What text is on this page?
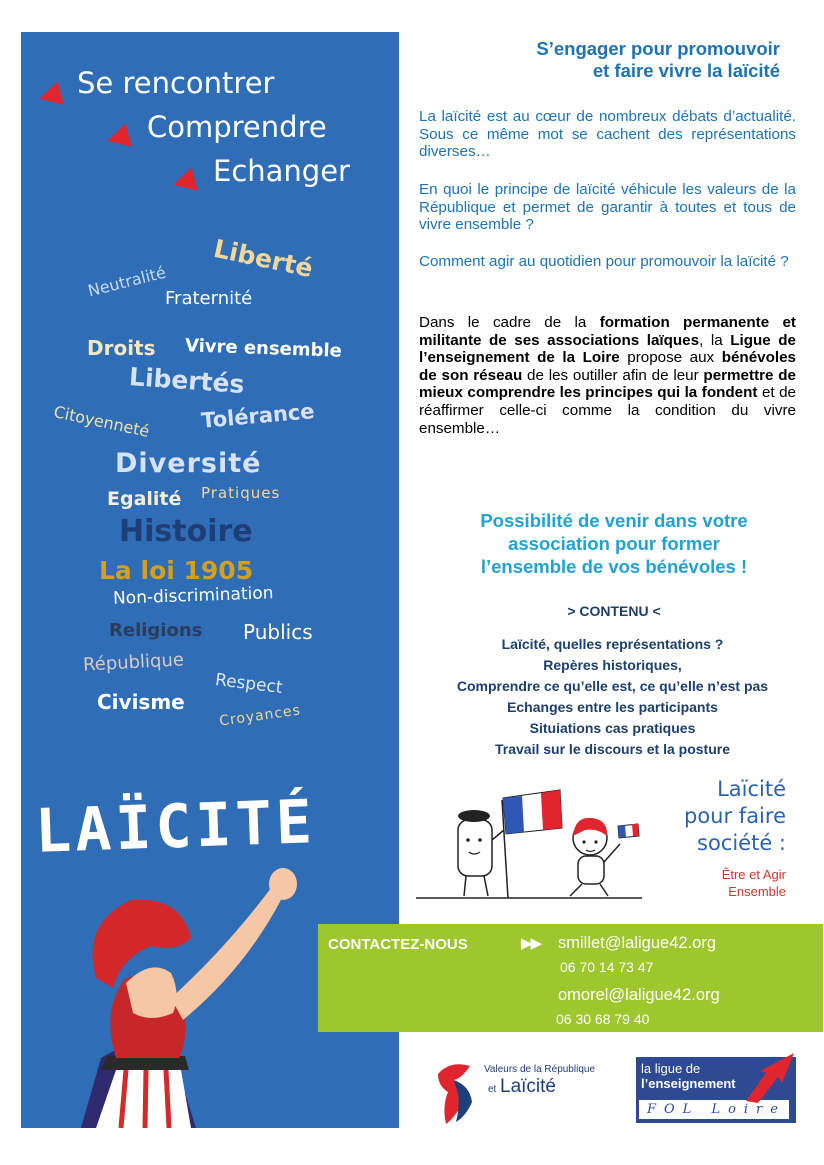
Se rencontrer
Comprendre
Echanger
Liberté
Neutralité
Fraternité
Droits Vivre ensemble
Libertés
Citoyenneté Tolérance
Diversité
Egalité Pratiques
Histoire
La loi 1905
Non-discrimination
Religions Publics
République
Respect
Civisme
Croyances
LAÏCITÉ
S’engager pour promouvoir
et faire vivre la laïcité

La laïcité est au cœur de nombreux débats d’actualité. Sous ce même mot se cachent des représentations diverses…

En quoi le principe de laïcité véhicule les valeurs de la République et permet de garantir à toutes et tous de vivre ensemble ?

Comment agir au quotidien pour promouvoir la laïcité ?

Dans le cadre de la formation permanente et militante de ses associations laïques, la Ligue de l’enseignement de la Loire propose aux bénévoles de son réseau de les outiller afin de leur permettre de mieux comprendre les principes qui la fondent et de réaffirmer celle-ci comme la condition du vivre ensemble…

Possibilité de venir dans votre
association pour former
l’ensemble de vos bénévoles !
> CONTENU <
Laïcité, quelles représentations ?
Repères historiques,
Comprendre ce qu’elle est, ce qu’elle n’est pas
Echanges entre les participants
Situiations cas pratiques
Travail sur le discours et la posture
Laïcité
pour faire
société :
Être et Agir
Ensemble
CONTACTEZ-NOUS	▶▶ smillet@laligue42.org
06 70 14 73 47
omorel@laligue42.org
06 30 68 79 40
Valeurs de la République
et Laïcité
la ligue de
l’enseignement
FOL Loire
